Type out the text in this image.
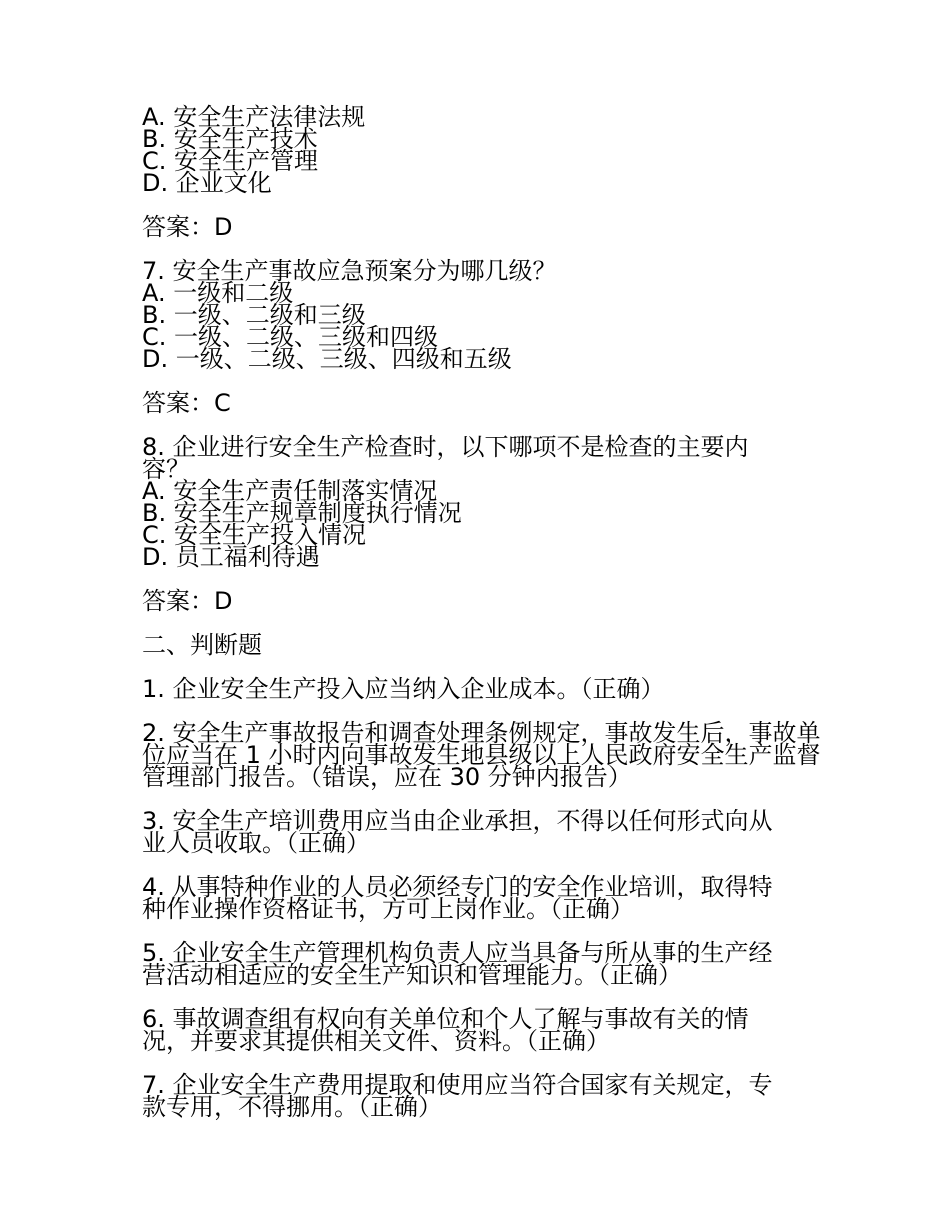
A. 安全生产法律法规
B. 安全生产技术
C. 安全生产管理
D. 企业文化
答案：D
7. 安全生产事故应急预案分为哪几级？
A. 一级和二级
B. 一级、二级和三级
C. 一级、二级、三级和四级
D. 一级、二级、三级、四级和五级
答案：C
8. 企业进行安全生产检查时，以下哪项不是检查的主要内容？
A. 安全生产责任制落实情况
B. 安全生产规章制度执行情况
C. 安全生产投入情况
D. 员工福利待遇
答案：D
二、判断题
1. 企业安全生产投入应当纳入企业成本。（正确）
2. 安全生产事故报告和调查处理条例规定，事故发生后，事故单位应当在 1 小时内向事故发生地县级以上人民政府安全生产监督管理部门报告。（错误，应在 30 分钟内报告）
3. 安全生产培训费用应当由企业承担，不得以任何形式向从业人员收取。（正确）
4. 从事特种作业的人员必须经专门的安全作业培训，取得特种作业操作资格证书，方可上岗作业。（正确）
5. 企业安全生产管理机构负责人应当具备与所从事的生产经营活动相适应的安全生产知识和管理能力。（正确）
6. 事故调查组有权向有关单位和个人了解与事故有关的情况，并要求其提供相关文件、资料。（正确）
7. 企业安全生产费用提取和使用应当符合国家有关规定，专款专用，不得挪用。（正确）
